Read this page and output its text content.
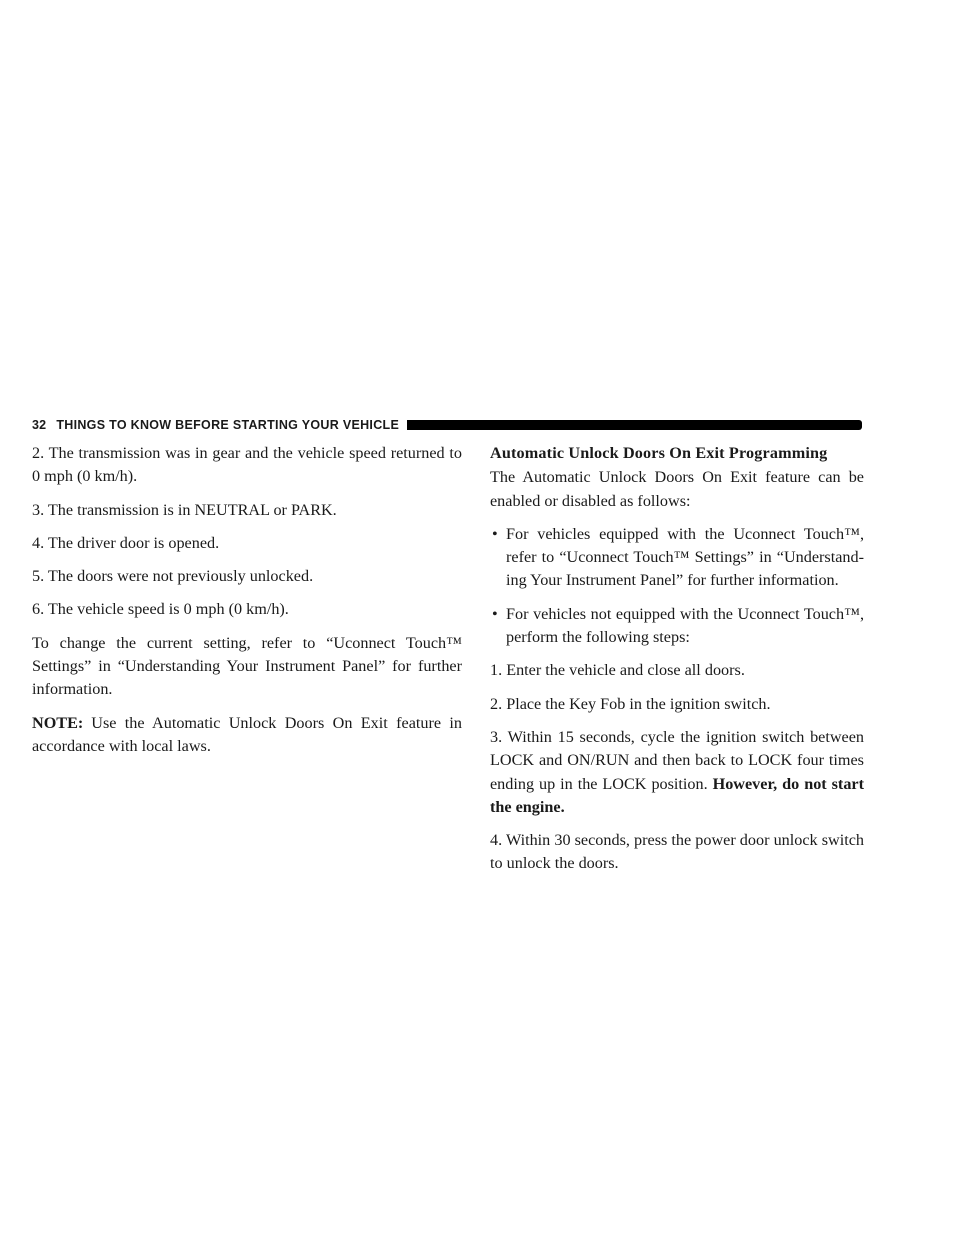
32 THINGS TO KNOW BEFORE STARTING YOUR VEHICLE

2. The transmission was in gear and the vehicle speed returned to 0 mph (0 km/h).

3. The transmission is in NEUTRAL or PARK.

4. The driver door is opened.

5. The doors were not previously unlocked.

6. The vehicle speed is 0 mph (0 km/h).

To change the current setting, refer to “Uconnect Touch™ Settings” in “Understanding Your Instrument Panel” for further information.

NOTE: Use the Automatic Unlock Doors On Exit feature in accordance with local laws.

Automatic Unlock Doors On Exit Programming

The Automatic Unlock Doors On Exit feature can be enabled or disabled as follows:

• For vehicles equipped with the Uconnect Touch™, refer to “Uconnect Touch™ Settings” in “Understand-ing Your Instrument Panel” for further information.
• For vehicles not equipped with the Uconnect Touch™, perform the following steps:

1. Enter the vehicle and close all doors.

2. Place the Key Fob in the ignition switch.

3. Within 15 seconds, cycle the ignition switch between LOCK and ON/RUN and then back to LOCK four times ending up in the LOCK position. However, do not start the engine.

4. Within 30 seconds, press the power door unlock switch to unlock the doors.
